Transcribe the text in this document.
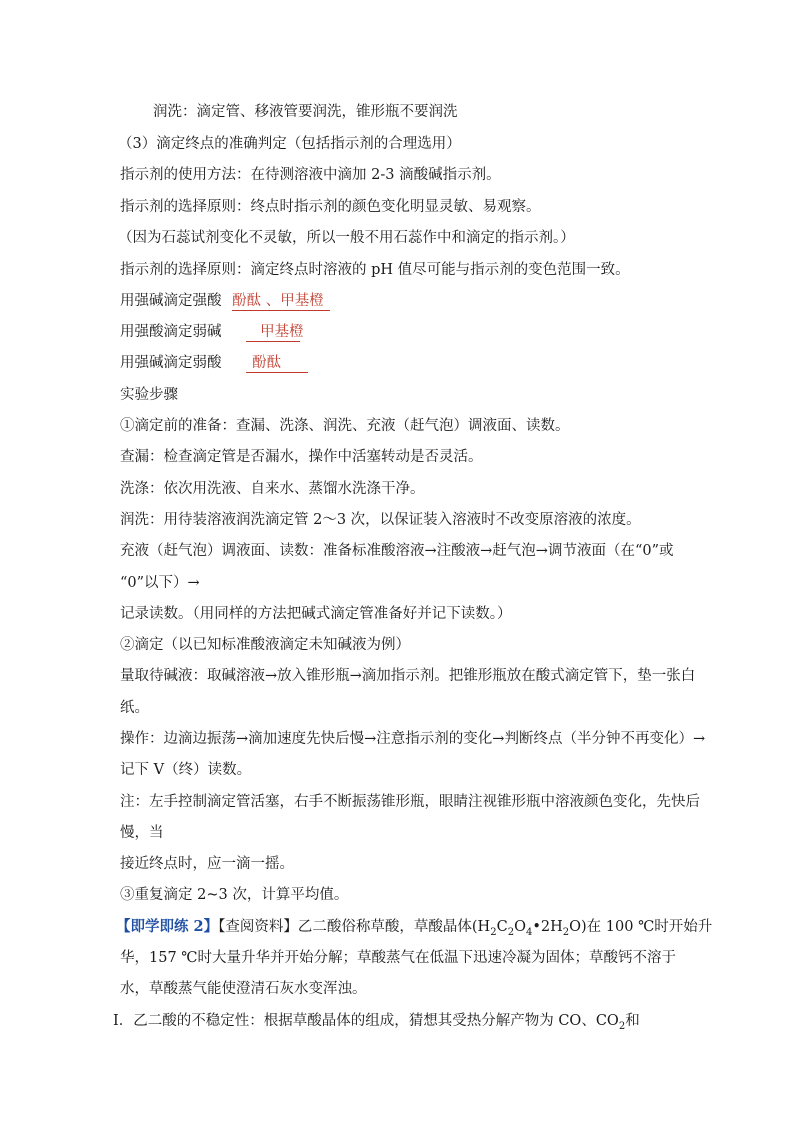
润洗：滴定管、移液管要润洗，锥形瓶不要润洗
（3）滴定终点的准确判定（包括指示剂的合理选用）
指示剂的使用方法：在待测溶液中滴加 2-3 滴酸碱指示剂。
指示剂的选择原则：终点时指示剂的颜色变化明显灵敏、易观察。
（因为石蕊试剂变化不灵敏，所以一般不用石蕊作中和滴定的指示剂。）
指示剂的选择原则：滴定终点时溶液的 pH 值尽可能与指示剂的变色范围一致。
用强碱滴定强酸 酚酞 、甲基橙
用强酸滴定弱碱	甲基橙
用强碱滴定弱酸 酚酞
实验步骤
①滴定前的准备：查漏、洗涤、润洗、充液（赶气泡）调液面、读数。
查漏：检查滴定管是否漏水，操作中活塞转动是否灵活。
洗涤：依次用洗液、自来水、蒸馏水洗涤干净。
润洗：用待装溶液润洗滴定管 2～3 次，以保证装入溶液时不改变原溶液的浓度。
充液（赶气泡）调液面、读数：准备标准酸溶液→注酸液→赶气泡→调节液面（在“0”或
“0”以下）→
记录读数。（用同样的方法把碱式滴定管准备好并记下读数。）
②滴定（以已知标准酸液滴定未知碱液为例）
量取待碱液：取碱溶液→放入锥形瓶→滴加指示剂。把锥形瓶放在酸式滴定管下，垫一张白
纸。
操作：边滴边振荡→滴加速度先快后慢→注意指示剂的变化→判断终点（半分钟不再变化）→
记下 V（终）读数。
注：左手控制滴定管活塞，右手不断振荡锥形瓶，眼睛注视锥形瓶中溶液颜色变化，先快后
慢，当
接近终点时，应一滴一摇。
③重复滴定 2~3 次，计算平均值。
【即学即练 2】【查阅资料】乙二酸俗称草酸，草酸晶体$(H_2C_2O_4•2H_2O)$在 100 ℃时开始升
华，157 ℃时大量升华并开始分解；草酸蒸气在低温下迅速冷凝为固体；草酸钙不溶于
水，草酸蒸气能使澄清石灰水变浑浊。
Ⅰ．乙二酸的不稳定性：根据草酸晶体的组成，猜想其受热分解产物为 CO、$CO_2$和
